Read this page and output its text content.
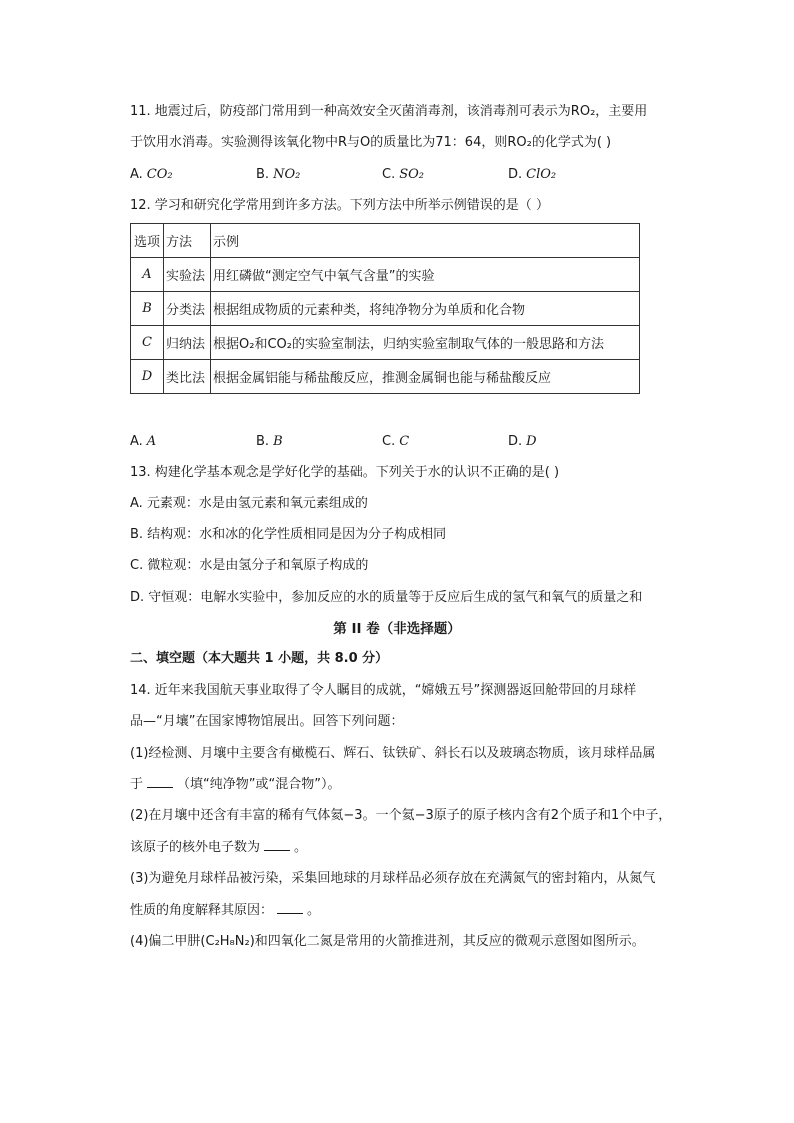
11. 地震过后，防疫部门常用到一种高效安全灭菌消毒剂，该消毒剂可表示为RO₂，主要用
于饮用水消毒。实验测得该氧化物中R与O的质量比为71：64，则RO₂的化学式为( )
A. CO₂	B. NO₂	C. SO₂	D. ClO₂
12. 学习和研究化学常用到许多方法。下列方法中所举示例错误的是（ ）
选项	方法	示例
A	实验法	用红磷做“测定空气中氧气含量”的实验
B	分类法	根据组成物质的元素种类，将纯净物分为单质和化合物
C	归纳法	根据O₂和CO₂的实验室制法，归纳实验室制取气体的一般思路和方法
D	类比法	根据金属铝能与稀盐酸反应，推测金属铜也能与稀盐酸反应
A. A	B. B	C. C	D. D
13. 构建化学基本观念是学好化学的基础。下列关于水的认识不正确的是( )
A. 元素观：水是由氢元素和氧元素组成的
B. 结构观：水和冰的化学性质相同是因为分子构成相同
C. 微粒观：水是由氢分子和氧原子构成的
D. 守恒观：电解水实验中，参加反应的水的质量等于反应后生成的氢气和氧气的质量之和
第 II 卷（非选择题）
二、填空题（本大题共 1 小题，共 8.0 分）
14. 近年来我国航天事业取得了令人瞩目的成就，“嫦娥五号”探测器返回舱带回的月球样
品—“月壤”在国家博物馆展出。回答下列问题：
(1)经检测、月壤中主要含有橄榄石、辉石、钛铁矿、斜长石以及玻璃态物质，该月球样品属
于	（填“纯净物”或“混合物”）。
(2)在月壤中还含有丰富的稀有气体氦−3。一个氦−3原子的原子核内含有2个质子和1个中子，
该原子的核外电子数为	。
(3)为避免月球样品被污染，采集回地球的月球样品必须存放在充满氮气的密封箱内，从氮气
性质的角度解释其原因：	。
(4)偏二甲肼(C₂H₈N₂)和四氧化二氮是常用的火箭推进剂，其反应的微观示意图如图所示。
